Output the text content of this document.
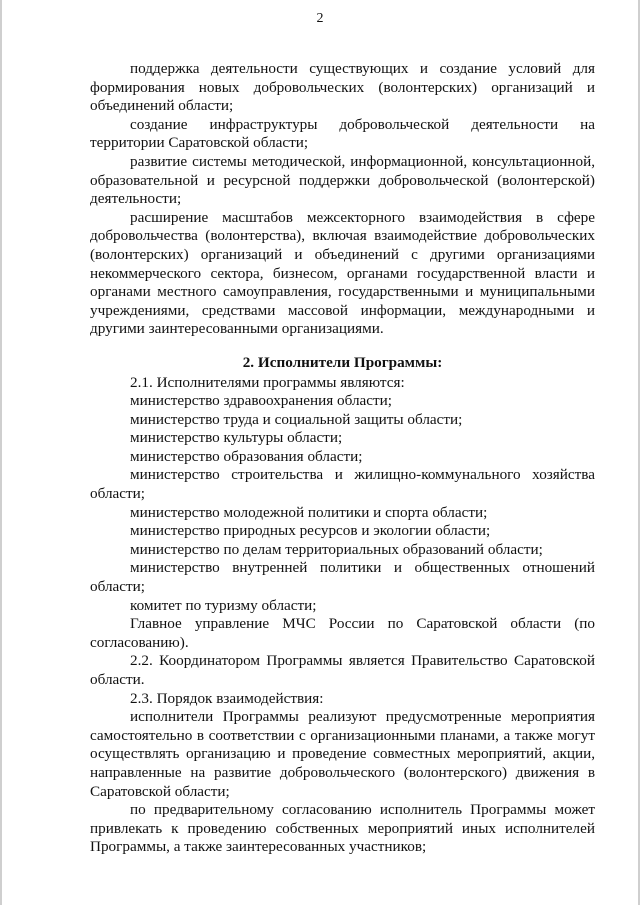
2

поддержка деятельности существующих и создание условий для формирования новых добровольческих (волонтерских) организаций и объединений области;

создание инфраструктуры добровольческой деятельности на территории Саратовской области;

развитие системы методической, информационной, консультационной, образовательной и ресурсной поддержки добровольческой (волонтерской) деятельности;

расширение масштабов межсекторного взаимодействия в сфере добровольчества (волонтерства), включая взаимодействие добровольческих (волонтерских) организаций и объединений с другими организациями некоммерческого сектора, бизнесом, органами государственной власти и органами местного самоуправления, государственными и муниципальными учреждениями, средствами массовой информации, международными и другими заинтересованными организациями.

2. Исполнители Программы:

2.1. Исполнителями программы являются:

министерство здравоохранения области;

министерство труда и социальной защиты области;

министерство культуры области;

министерство образования области;

министерство строительства и жилищно-коммунального хозяйства области;

министерство молодежной политики и спорта области;

министерство природных ресурсов и экологии области;

министерство по делам территориальных образований области;

министерство внутренней политики и общественных отношений области;

комитет по туризму области;

Главное управление МЧС России по Саратовской области (по согласованию).

2.2. Координатором Программы является Правительство Саратовской области.

2.3. Порядок взаимодействия:

исполнители Программы реализуют предусмотренные мероприятия самостоятельно в соответствии с организационными планами, а также могут осуществлять организацию и проведение совместных мероприятий, акции, направленные на развитие добровольческого (волонтерского) движения в Саратовской области;

по предварительному согласованию исполнитель Программы может привлекать к проведению собственных мероприятий иных исполнителей Программы, а также заинтересованных участников;
